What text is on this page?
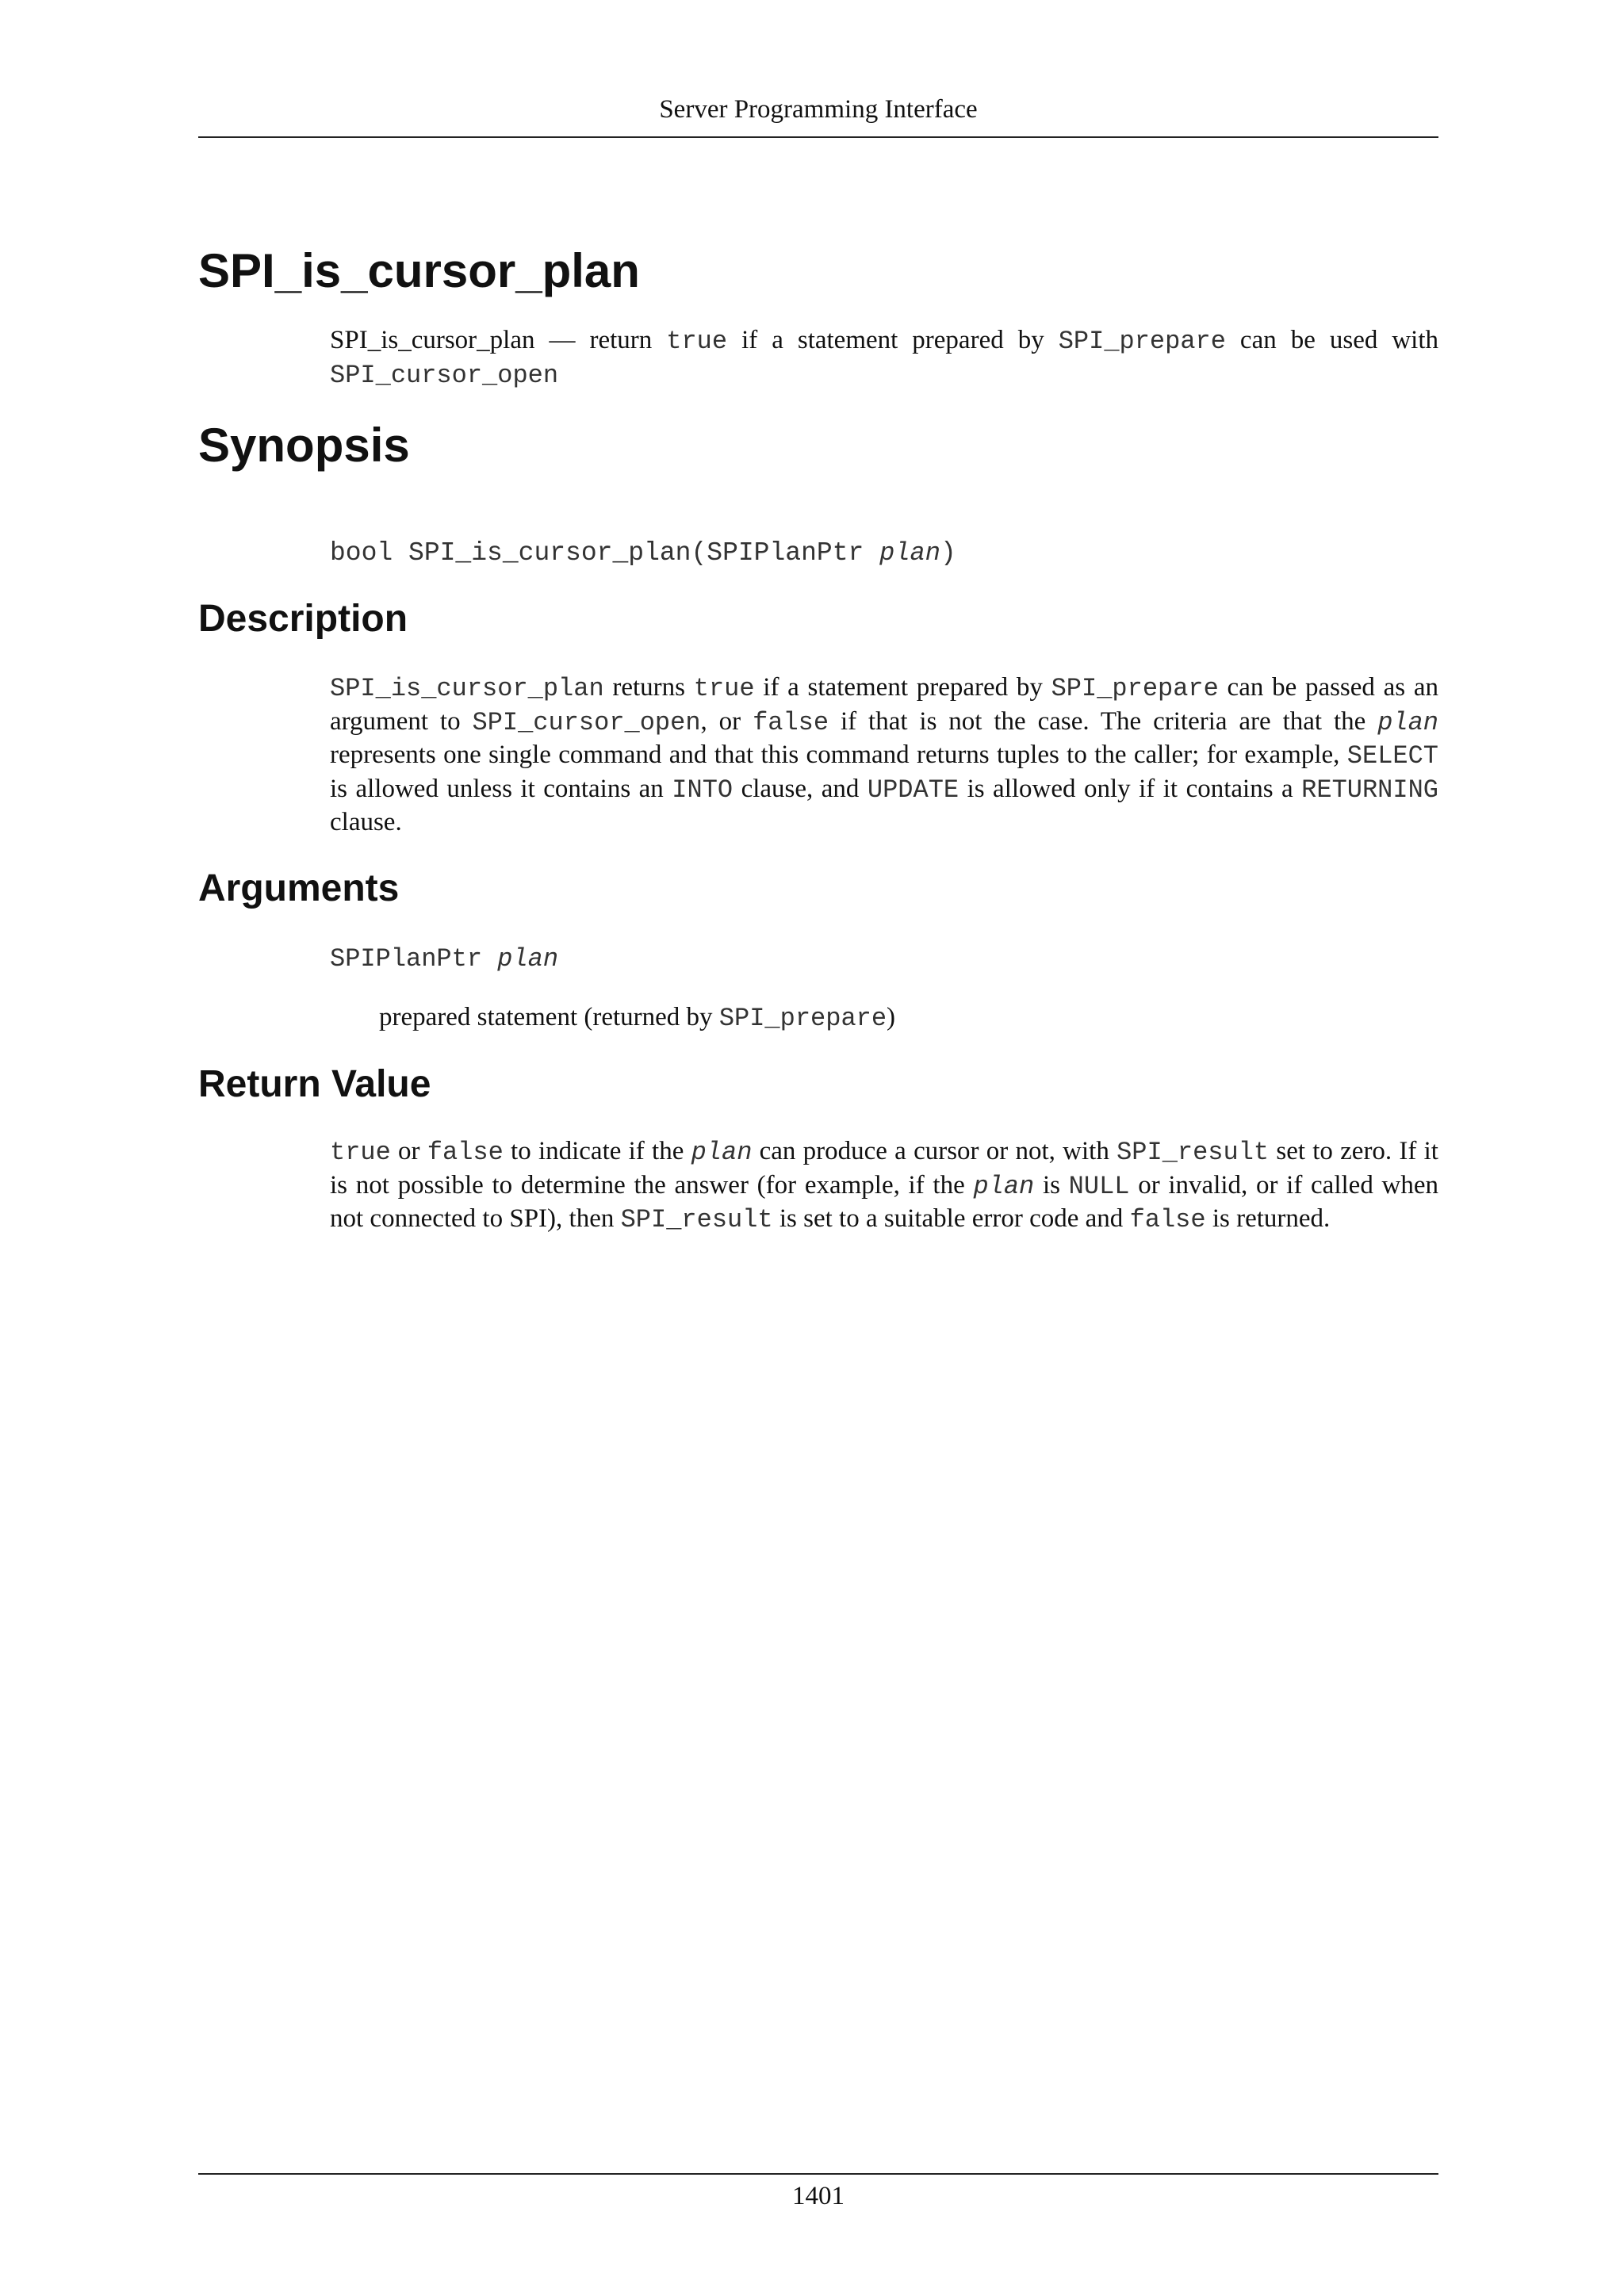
Server Programming Interface
SPI_is_cursor_plan
SPI_is_cursor_plan — return true if a statement prepared by SPI_prepare can be used with SPI_cursor_open
Synopsis
bool SPI_is_cursor_plan(SPIPlanPtr plan)
Description
SPI_is_cursor_plan returns true if a statement prepared by SPI_prepare can be passed as an argument to SPI_cursor_open, or false if that is not the case. The criteria are that the plan represents one single command and that this command returns tuples to the caller; for example, SELECT is allowed unless it contains an INTO clause, and UPDATE is allowed only if it contains a RETURNING clause.
Arguments
SPIPlanPtr plan
prepared statement (returned by SPI_prepare)
Return Value
true or false to indicate if the plan can produce a cursor or not, with SPI_result set to zero. If it is not possible to determine the answer (for example, if the plan is NULL or invalid, or if called when not connected to SPI), then SPI_result is set to a suitable error code and false is returned.
1401
